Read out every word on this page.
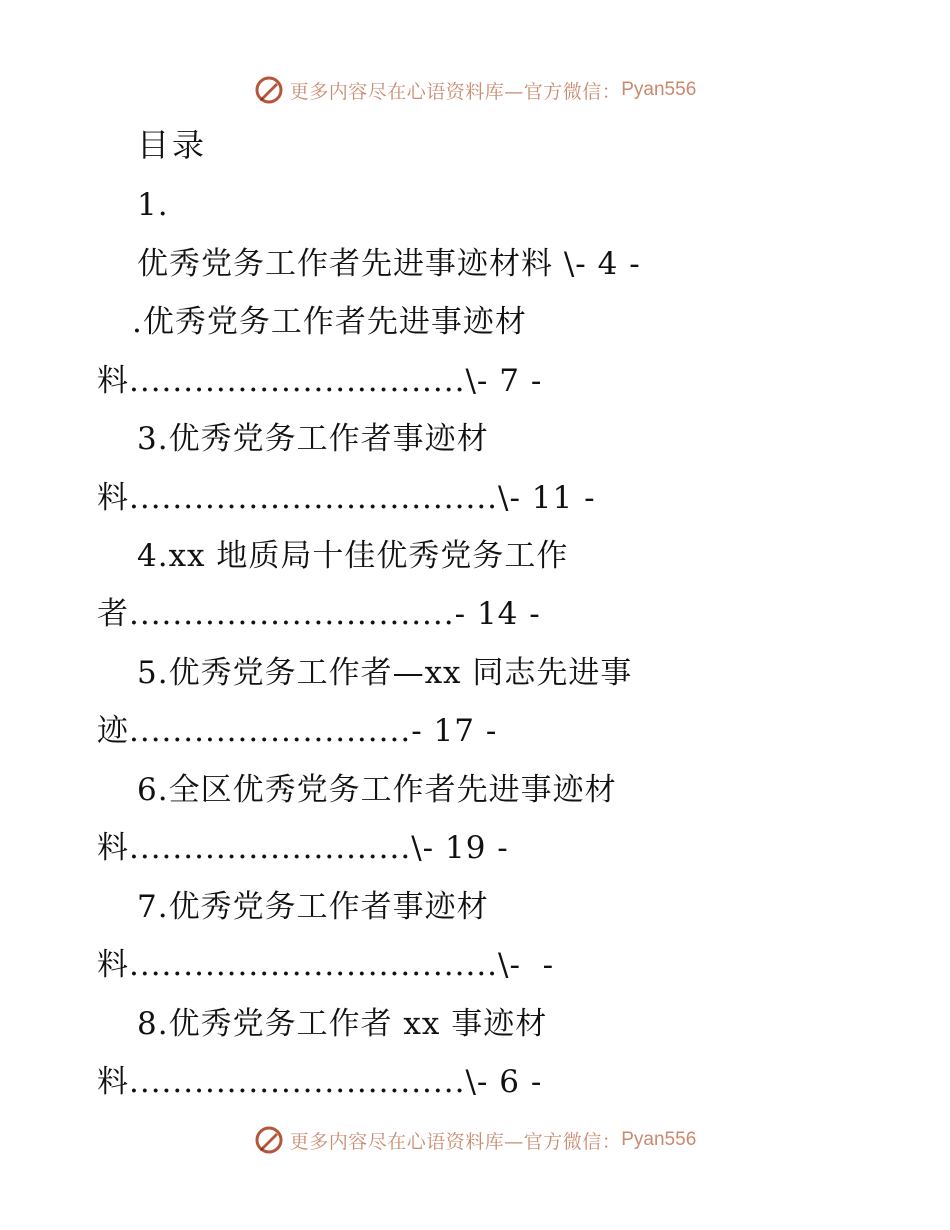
更多内容尽在心语资料库—官方微信： Pyan556
目录
1.
优秀党务工作者先进事迹材料 \- 4 -
.优秀党务工作者先进事迹材
料...............................\- 7 -
3.优秀党务工作者事迹材
料..................................\- 11 -
4.xx 地质局十佳优秀党务工作
者..............................- 14 -
5.优秀党务工作者—xx 同志先进事
迹..........................- 17 -
6.全区优秀党务工作者先进事迹材
料..........................\- 19 -
7.优秀党务工作者事迹材
料..................................\-  -
8.优秀党务工作者 xx 事迹材
料...............................\- 6 -
更多内容尽在心语资料库—官方微信： Pyan556
